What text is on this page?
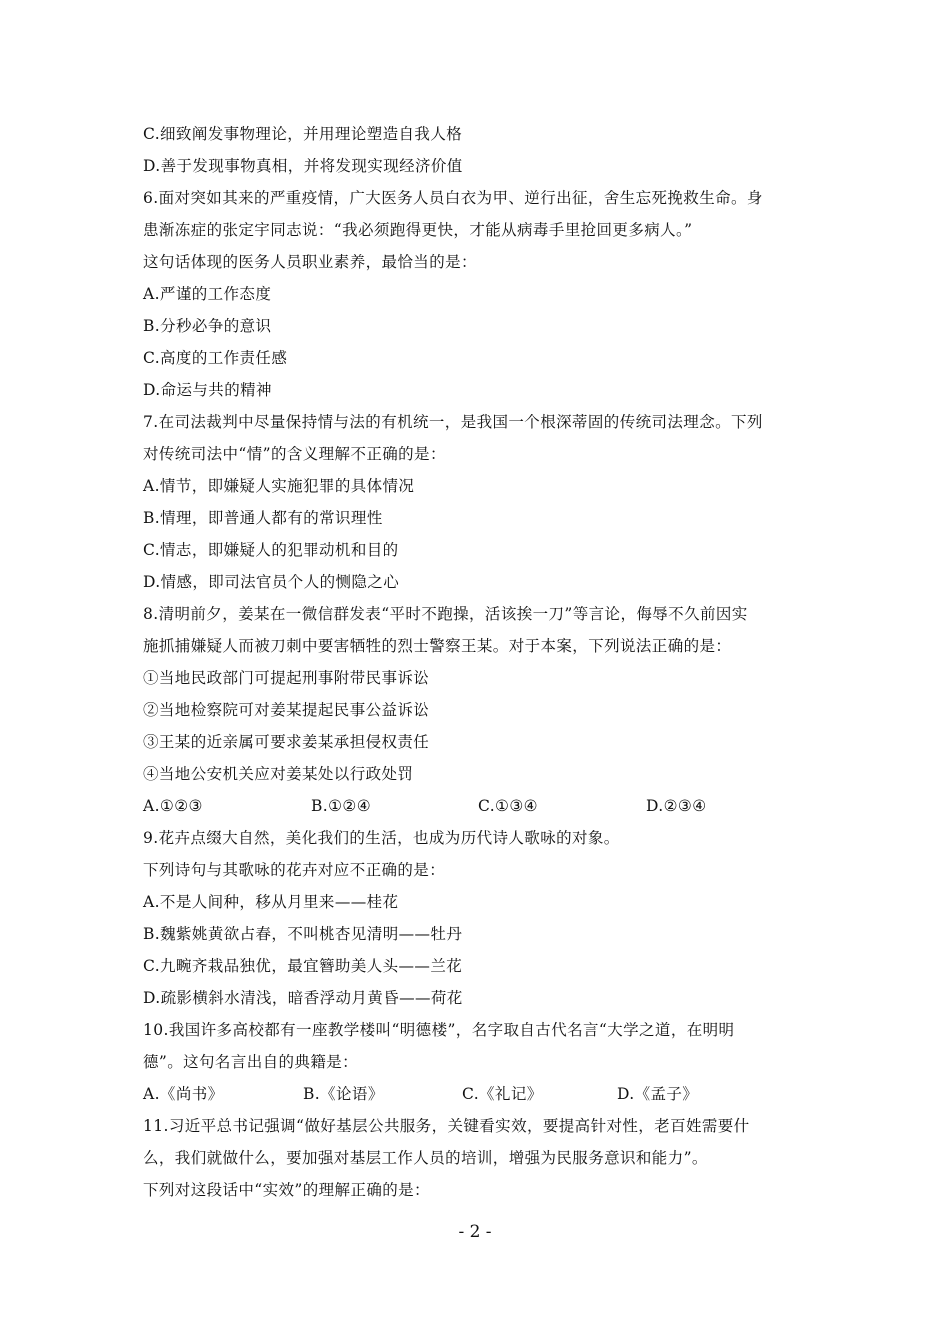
C.细致阐发事物理论，并用理论塑造自我人格
D.善于发现事物真相，并将发现实现经济价值
6.面对突如其来的严重疫情，广大医务人员白衣为甲、逆行出征，舍生忘死挽救生命。身
患渐冻症的张定宇同志说：“我必须跑得更快，才能从病毒手里抢回更多病人。”
这句话体现的医务人员职业素养，最恰当的是：
A.严谨的工作态度
B.分秒必争的意识
C.高度的工作责任感
D.命运与共的精神
7.在司法裁判中尽量保持情与法的有机统一，是我国一个根深蒂固的传统司法理念。下列
对传统司法中“情”的含义理解不正确的是：
A.情节，即嫌疑人实施犯罪的具体情况
B.情理，即普通人都有的常识理性
C.情志，即嫌疑人的犯罪动机和目的
D.情感，即司法官员个人的恻隐之心
8.清明前夕，姜某在一微信群发表“平时不跑操，活该挨一刀”等言论，侮辱不久前因实
施抓捕嫌疑人而被刀刺中要害牺牲的烈士警察王某。对于本案，下列说法正确的是：
①当地民政部门可提起刑事附带民事诉讼
②当地检察院可对姜某提起民事公益诉讼
③王某的近亲属可要求姜某承担侵权责任
④当地公安机关应对姜某处以行政处罚
A.①②③	B.①②④	C.①③④	D.②③④
9.花卉点缀大自然，美化我们的生活，也成为历代诗人歌咏的对象。
下列诗句与其歌咏的花卉对应不正确的是：
A.不是人间种，移从月里来——桂花
B.魏紫姚黄欲占春，不叫桃杏见清明——牡丹
C.九畹齐栽品独优，最宜簪助美人头——兰花
D.疏影横斜水清浅，暗香浮动月黄昏——荷花
10.我国许多高校都有一座教学楼叫“明德楼”，名字取自古代名言“大学之道，在明明
德”。这句名言出自的典籍是：
A.《尚书》	B.《论语》	C.《礼记》	D.《孟子》
11.习近平总书记强调“做好基层公共服务，关键看实效，要提高针对性，老百姓需要什
么，我们就做什么，要加强对基层工作人员的培训，增强为民服务意识和能力”。
下列对这段话中“实效”的理解正确的是：
- 2 -
